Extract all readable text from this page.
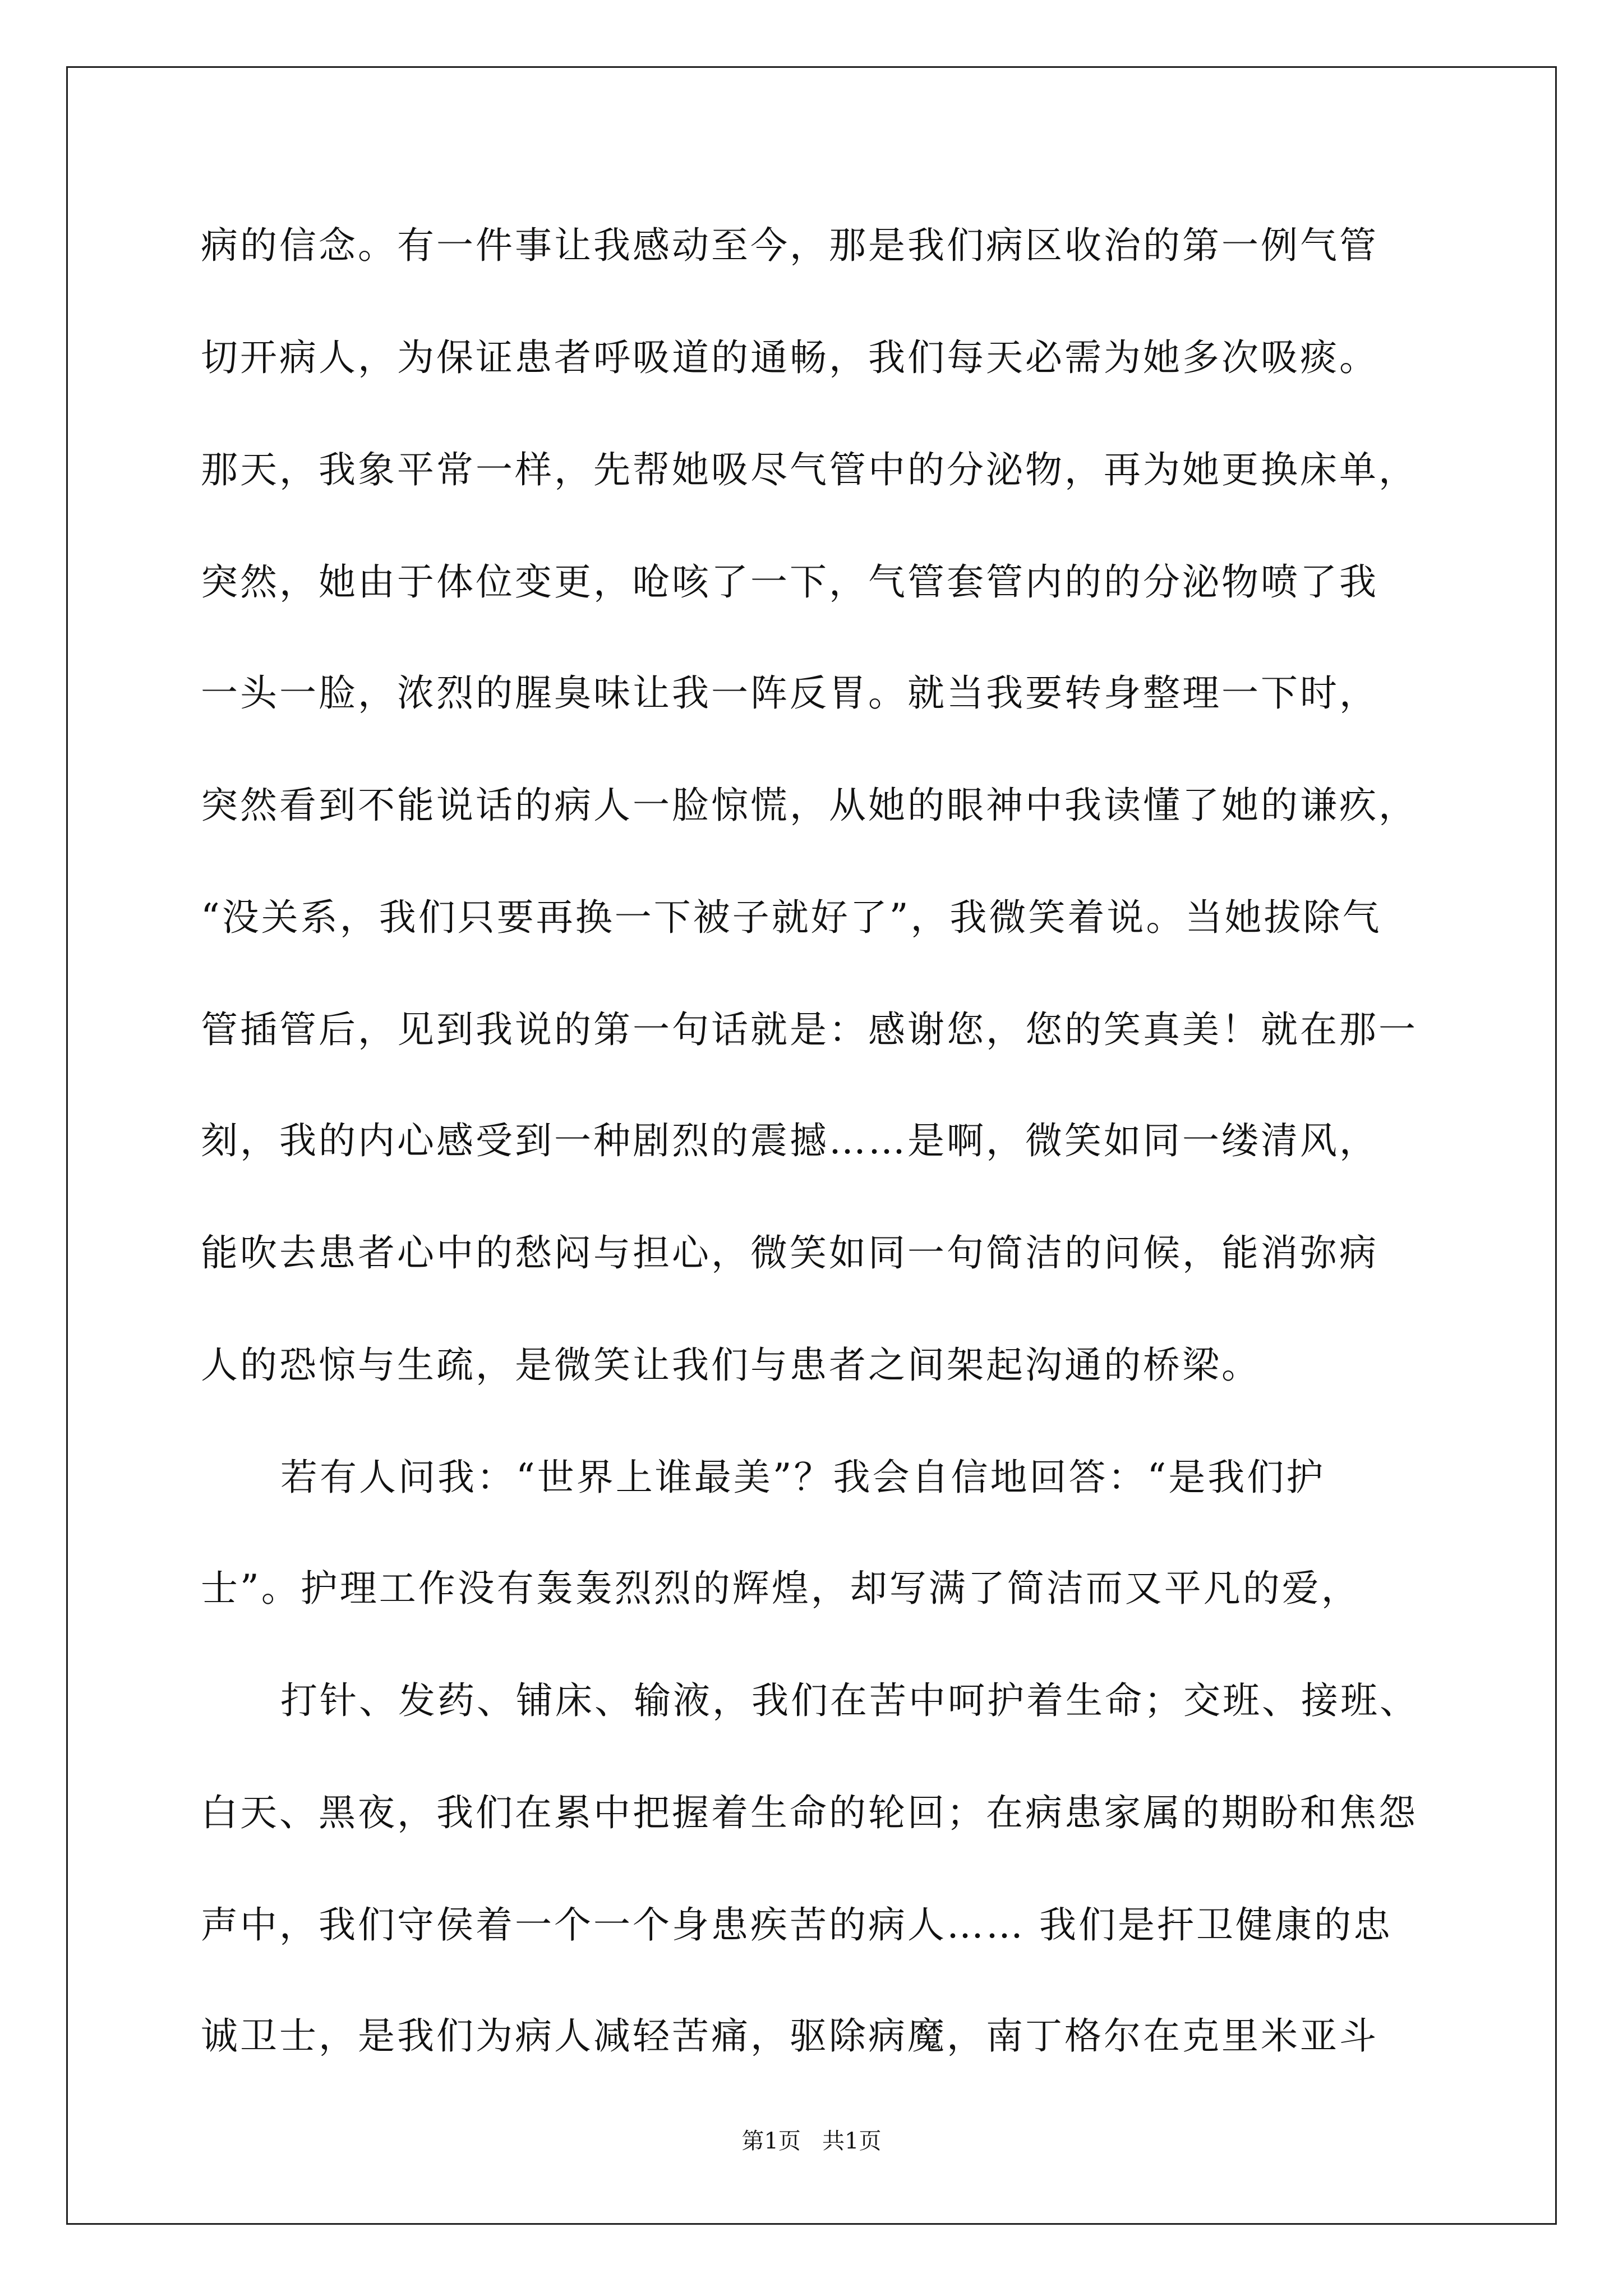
病的信念。有一件事让我感动至今，那是我们病区收治的第一例气管
切开病人，为保证患者呼吸道的通畅，我们每天必需为她多次吸痰。
那天，我象平常一样，先帮她吸尽气管中的分泌物，再为她更换床单，
突然，她由于体位变更，呛咳了一下，气管套管内的的分泌物喷了我
一头一脸，浓烈的腥臭味让我一阵反胃。就当我要转身整理一下时，
突然看到不能说话的病人一脸惊慌，从她的眼神中我读懂了她的谦疚，
“没关系，我们只要再换一下被子就好了”，我微笑着说。当她拔除气
管插管后，见到我说的第一句话就是：感谢您，您的笑真美！就在那一
刻，我的内心感受到一种剧烈的震撼……是啊，微笑如同一缕清风，
能吹去患者心中的愁闷与担心，微笑如同一句简洁的问候，能消弥病
人的恐惊与生疏，是微笑让我们与患者之间架起沟通的桥梁。
若有人问我：“世界上谁最美”？我会自信地回答：“是我们护
士”。护理工作没有轰轰烈烈的辉煌，却写满了简洁而又平凡的爱，
打针、发药、铺床、输液，我们在苦中呵护着生命；交班、接班、
白天、黑夜，我们在累中把握着生命的轮回；在病患家属的期盼和焦怨
声中，我们守侯着一个一个身患疾苦的病人…… 我们是扞卫健康的忠
诚卫士，是我们为病人减轻苦痛，驱除病魔，南丁格尔在克里米亚斗
第1页   共1页
